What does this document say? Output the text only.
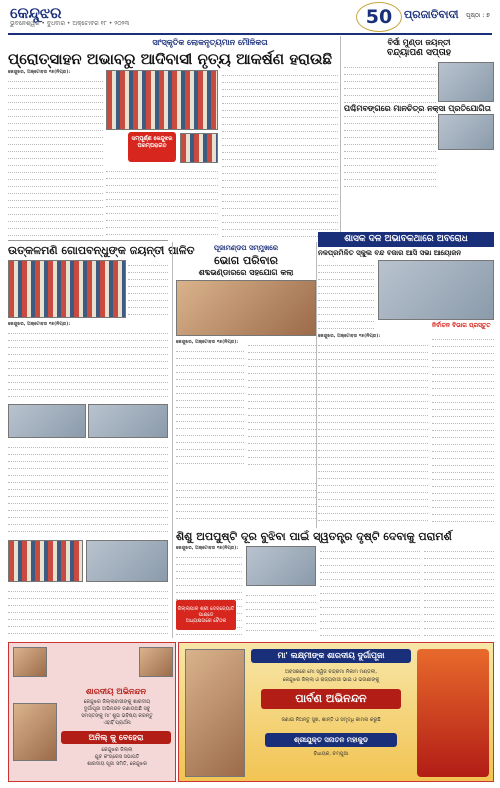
କେନ୍ଦୁଝର
ଭୁବନେଶ୍ୱର • ବୁଧବାର • ଅକ୍ଟୋବର ୧୮ • ୨୦୨୩	50	ପ୍ରଜାତିବାଦୀ ପୃଷ୍ଠା : ୭
ସାଂସ୍କୃତିକ ଲୋକନୃତ୍ୟମାନ ମୌଳିକତା
ପ୍ରୋତ୍ସାହନ ଅଭାବରୁ ଆଦିବାସୀ ନୃତ୍ୟ ଆକର୍ଷଣ ହରାଉଛି
କେନ୍ଦୁଝର, ଅକ୍ଟୋବର ୧୭(ନିପ୍ର):
ସମ୍ପୂର୍ଣ୍ଣ କେନ୍ଦୁଝର ପରମ୍ପରାଗତ
ବିର୍ସା ମୁଣ୍ଡା ଜୟନ୍ତୀ
ବନ୍ଦ୍ୟାପଣ ସପ୍ତାହ
ପଶ୍ଚିମବଙ୍ଗରେ ମାନଚିତ୍ର ନକ୍ସା ପ୍ରତିଯୋଗିତା
ଉତ୍କଳମଣି ଗୋପବନ୍ଧୁଙ୍କ ଜୟନ୍ତୀ ପାଳିତ
କେନ୍ଦୁଝର, ଅକ୍ଟୋବର ୧୭(ନିପ୍ର):
ପୂଜାମଣ୍ଡପ ସମ୍ମୁଖରେ
ଭୋଗ ପରିବାର
ଶବ୍ଦଭଣ୍ଡାରରେ ସହଯୋଗ କଲା
କେନ୍ଦୁଝର, ଅକ୍ଟୋବର ୧୭(ନିପ୍ର):
ଶାସକ ଦଳ ଅଭାବକଥାରେ ଅବରୋଧ
ନଳପ୍ରମିଳିତ ସ୍କୁଲ ବନ୍ଦ ବଜାର ଆସି ସଭା ଆୟୋଜନ
କେନ୍ଦୁଝର, ଅକ୍ଟୋବର ୧୭(ନିପ୍ର):
ନିର୍ବାଚନ ବିଭାଗ ପ୍ରସ୍ତୁତ
ଶିଶୁ ଅପପୁଷ୍ଟି ଦୂର ବୁଝିବା ପାଇଁ ସ୍ୱତନ୍ତ୍ର ଦୃଷ୍ଟି ଦେବାକୁ ପରାମର୍ଶ
କେନ୍ଦୁଝର, ଅକ୍ଟୋବର ୧୭(ନିପ୍ର):
ଜିଲ୍ଲାପାଳ ଶ୍ରୀ ଦେବଜ୍ୟୋତି ପାଣ୍ଡେ
ଅଧ୍ୟକ୍ଷତାରେ ବୈଠକ
ଶାରଦୀୟ ଅଭିନନ୍ଦନ
କେନ୍ଦୁଝର ଜିଲ୍ଲାବାସୀଙ୍କୁ ଶାରଦୀୟ
ଦୁର୍ଗାପୂଜା ଅଭିନନ୍ଦନ ଜଣାଉଅଛି ସବୁ
ସମସ୍ତଙ୍କୁ ମା' ଶୁଭ ଭବିଷ୍ୟ କରନ୍ତୁ
ଏହାହିଁ ପ୍ରାର୍ଥନା
ଅନିଲ୍ କୁ ବେହେରା
କେନ୍ଦୁଝର ଜିଲ୍ଲା
ଯୁବ କଂଗ୍ରେସ ସଭାପତି
ଶାରଦୀୟ ପୂଜା ସମିତି, କେନ୍ଦୁଝର
ମା' ଲକ୍ଷ୍ମୀଙ୍କ ଶାରଦୀୟ ଦୁର୍ଗାପୂଜା
ଅବସରରେ ମୋ ସ୍ୱିଜ ଚନ୍ଦ୍ରମା ନିକାମ ମଣ୍ଡଳୀ,
କେନ୍ଦୁଝର ଜିଲ୍ଲା ଓ ରାଜ୍ୟବାସୀ ଭାଇ ଓ ଭଉଣୀଙ୍କୁ
ପାର୍ବଣ ଅଭିନନ୍ଦନ
ଜଣାଇ ନିଅନ୍ତୁ ସୁଖ, ଶାନ୍ତି ଓ ସମୃଦ୍ଧି କାମନା କରୁଛି
ଶ୍ରୀଯୁକ୍ତ ସନାତନ ମହାକୁଡ
ବିଧାୟକ, ଚମ୍ପୁଆ
